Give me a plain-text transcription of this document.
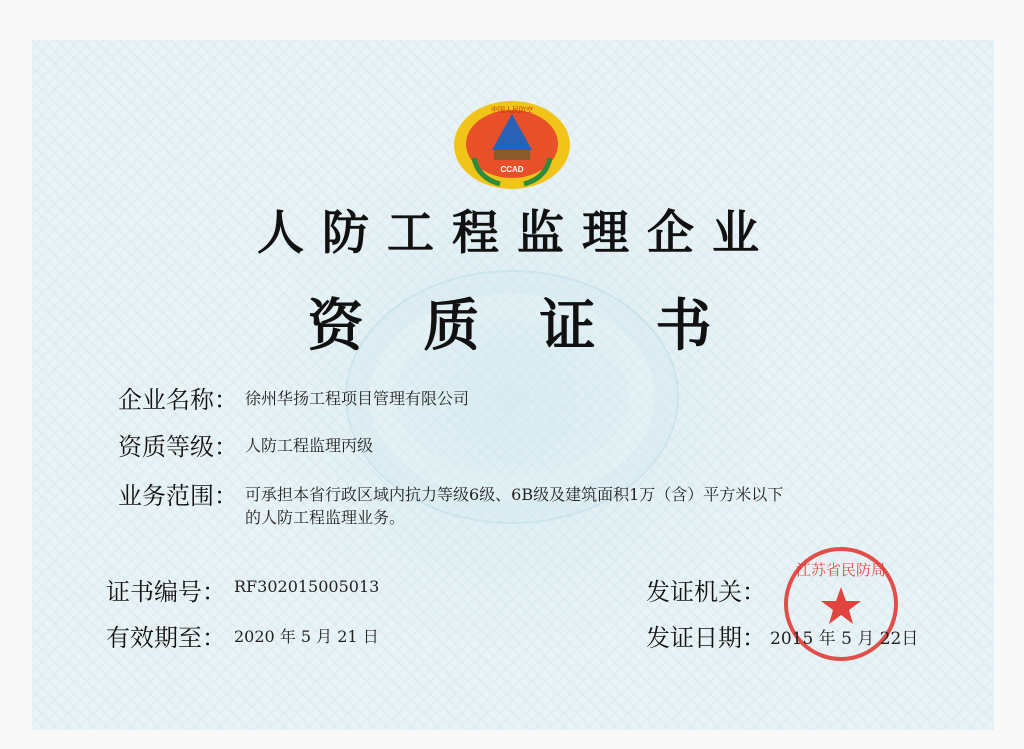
CCAD
中国人民防空
人防工程监理企业
资质证书
企业名称： 徐州华扬工程项目管理有限公司
资质等级： 人防工程监理丙级
业务范围： 可承担本省行政区域内抗力等级6级、6B级及建筑面积1万（含）平方米以下
的人防工程监理业务。
证书编号： RF302015005013
有效期至： 2020 年 5 月 21 日
发证机关：
发证日期：
江苏省民防局
2015 年 5 月 22日
